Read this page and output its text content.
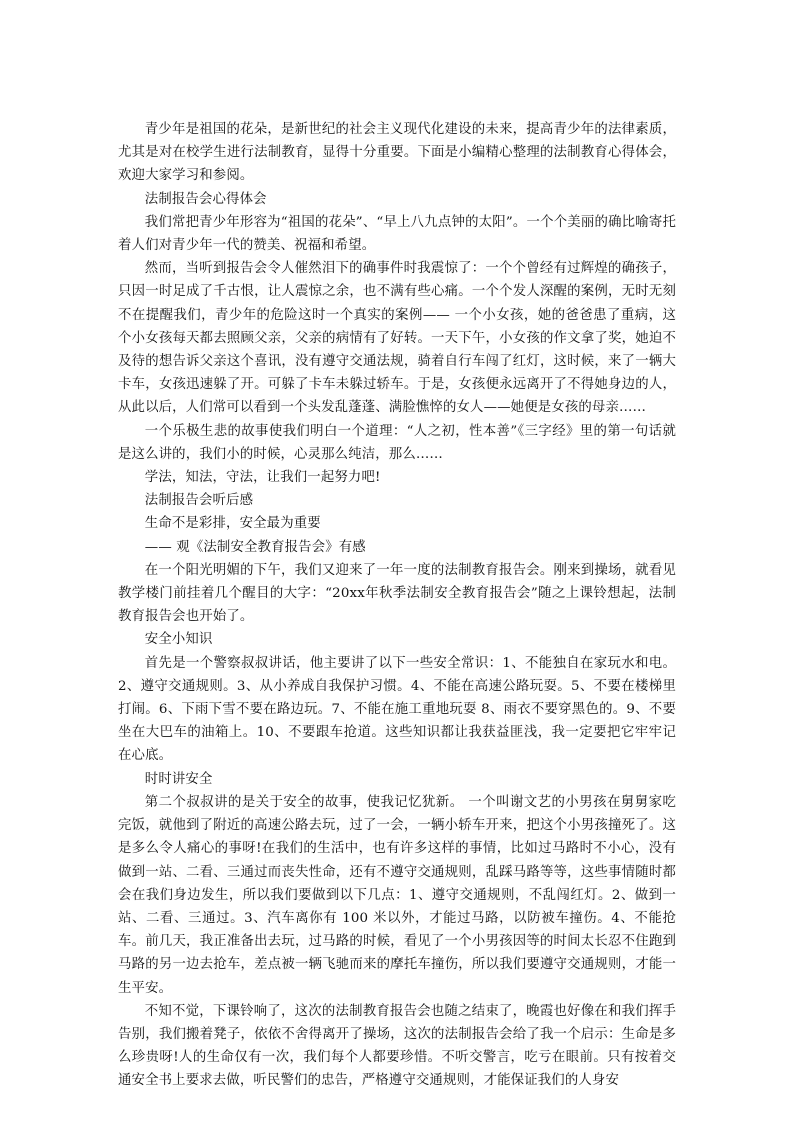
青少年是祖国的花朵，是新世纪的社会主义现代化建设的未来，提高青少年的法律素质，尤其是对在校学生进行法制教育，显得十分重要。下面是小编精心整理的法制教育心得体会，欢迎大家学习和参阅。

法制报告会心得体会

我们常把青少年形容为“祖国的花朵”、“早上八九点钟的太阳”。一个个美丽的确比喻寄托着人们对青少年一代的赞美、祝福和希望。

然而，当听到报告会令人催然泪下的确事件时我震惊了：一个个曾经有过辉煌的确孩子，只因一时足成了千古恨，让人震惊之余，也不满有些心痛。一个个发人深醒的案例，无时无刻不在提醒我们，青少年的危险这时一个真实的案例—— 一个小女孩，她的爸爸患了重病，这个小女孩每天都去照顾父亲，父亲的病情有了好转。一天下午，小女孩的作文拿了奖，她迫不及待的想告诉父亲这个喜讯，没有遵守交通法规，骑着自行车闯了红灯，这时候，来了一辆大卡车，女孩迅速躲了开。可躲了卡车未躲过轿车。于是，女孩便永远离开了不得她身边的人，从此以后，人们常可以看到一个头发乱蓬蓬、满脸憔悴的女人——她便是女孩的母亲……

一个乐极生悲的故事使我们明白一个道理：“人之初，性本善”《三字经》里的第一句话就是这么讲的，我们小的时候，心灵那么纯洁，那么……

学法，知法，守法，让我们一起努力吧!

法制报告会听后感

生命不是彩排，安全最为重要

—— 观《法制安全教育报告会》有感

在一个阳光明媚的下午，我们又迎来了一年一度的法制教育报告会。刚来到操场，就看见教学楼门前挂着几个醒目的大字：“20xx年秋季法制安全教育报告会”随之上课铃想起，法制教育报告会也开始了。

安全小知识

首先是一个警察叔叔讲话，他主要讲了以下一些安全常识：1、不能独自在家玩水和电。2、遵守交通规则。3、从小养成自我保护习惯。4、不能在高速公路玩耍。5、不要在楼梯里打闹。6、下雨下雪不要在路边玩。7、不能在施工重地玩耍 8、雨衣不要穿黑色的。9、不要坐在大巴车的油箱上。10、不要跟车抢道。这些知识都让我获益匪浅，我一定要把它牢牢记在心底。

时时讲安全

第二个叔叔讲的是关于安全的故事，使我记忆犹新。 一个叫谢文艺的小男孩在舅舅家吃完饭，就他到了附近的高速公路去玩，过了一会，一辆小轿车开来，把这个小男孩撞死了。这是多么令人痛心的事呀!在我们的生活中，也有许多这样的事情，比如过马路时不小心，没有做到一站、二看、三通过而丧失性命，还有不遵守交通规则，乱踩马路等等，这些事情随时都会在我们身边发生，所以我们要做到以下几点：1、遵守交通规则，不乱闯红灯。2、做到一站、二看、三通过。3、汽车离你有 100 米以外，才能过马路，以防被车撞伤。4、不能抢车。前几天，我正准备出去玩，过马路的时候，看见了一个小男孩因等的时间太长忍不住跑到马路的另一边去抢车，差点被一辆飞驰而来的摩托车撞伤，所以我们要遵守交通规则，才能一生平安。

不知不觉，下课铃响了，这次的法制教育报告会也随之结束了，晚霞也好像在和我们挥手告别，我们搬着凳子，依依不舍得离开了操场，这次的法制报告会给了我一个启示：生命是多么珍贵呀!人的生命仅有一次，我们每个人都要珍惜。不听交警言，吃亏在眼前。只有按着交通安全书上要求去做，听民警们的忠告，严格遵守交通规则，才能保证我们的人身安
